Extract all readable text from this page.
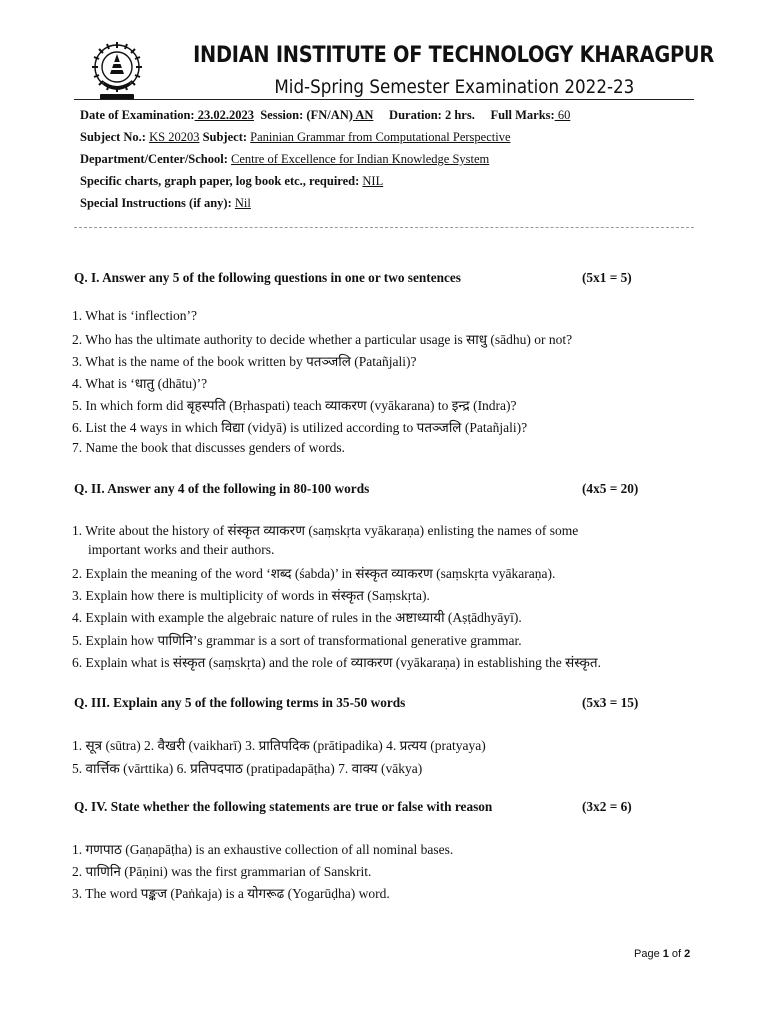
INDIAN INSTITUTE OF TECHNOLOGY KHARAGPUR
Mid-Spring Semester Examination 2022-23
Date of Examination: 23.02.2023 Session: (FN/AN) AN Duration: 2 hrs. Full Marks: 60
Subject No.: KS 20203 Subject: Paninian Grammar from Computational Perspective
Department/Center/School: Centre of Excellence for Indian Knowledge System
Specific charts, graph paper, log book etc., required: NIL
Special Instructions (if any): Nil
Q. I. Answer any 5 of the following questions in one or two sentences	(5x1 = 5)
1. What is ‘inflection’?
2. Who has the ultimate authority to decide whether a particular usage is साधु (sādhu) or not?
3. What is the name of the book written by पतञ्जलि (Patañjali)?
4. What is ‘धातु (dhātu)’?
5. In which form did बृहस्पति (Bṛhaspati) teach व्याकरण (vyākarana) to इन्द्र (Indra)?
6. List the 4 ways in which विद्या (vidyā) is utilized according to पतञ्जलि (Patañjali)?
7. Name the book that discusses genders of words.
Q. II. Answer any 4 of the following in 80-100 words	(4x5 = 20)
1. Write about the history of संस्कृत व्याकरण (saṃskṛta vyākaraṇa) enlisting the names of some
important works and their authors.
2. Explain the meaning of the word ‘शब्द (śabda)’ in संस्कृत व्याकरण (saṃskṛta vyākaraṇa).
3. Explain how there is multiplicity of words in संस्कृत (Saṃskṛta).
4. Explain with example the algebraic nature of rules in the अष्टाध्यायी (Aṣṭādhyāyī).
5. Explain how पाणिनि’s grammar is a sort of transformational generative grammar.
6. Explain what is संस्कृत (saṃskṛta) and the role of व्याकरण (vyākaraṇa) in establishing the संस्कृत.
Q. III. Explain any 5 of the following terms in 35-50 words	(5x3 = 15)
1. सूत्र (sūtra) 2. वैखरी (vaikharī) 3. प्रातिपदिक (prātipadika) 4. प्रत्यय (pratyaya)
5. वार्त्तिक (vārttika) 6. प्रतिपदपाठ (pratipadapāṭha) 7. वाक्य (vākya)
Q. IV. State whether the following statements are true or false with reason	(3x2 = 6)
1. गणपाठ (Gaṇapāṭha) is an exhaustive collection of all nominal bases.
2. पाणिनि (Pāṇini) was the first grammarian of Sanskrit.
3. The word पङ्कज (Paṅkaja) is a योगरूढ (Yogarūḍha) word.
Page 1 of 2
